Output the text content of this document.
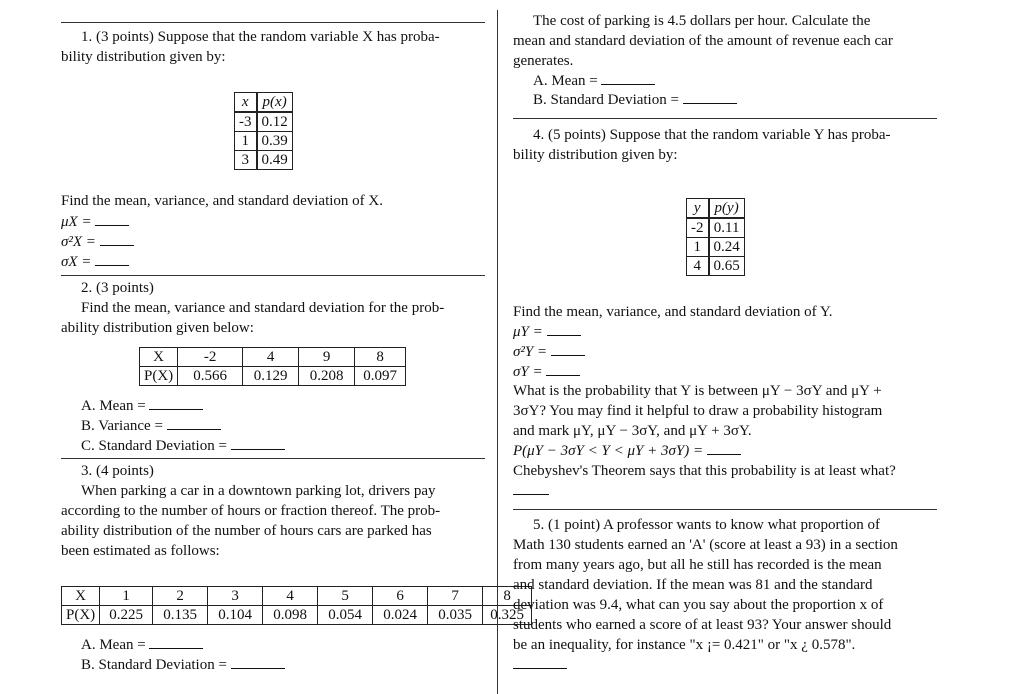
1. (3 points) Suppose that the random variable X has proba-
bility distribution given by:
x	p(x)
-3	0.12
1	0.39
3	0.49
Find the mean, variance, and standard deviation of X.
μX =
σ²X =
σX =
2. (3 points)
Find the mean, variance and standard deviation for the prob-
ability distribution given below:
X	-2	4	9	8
P(X)	0.566	0.129	0.208	0.097
A. Mean =
B. Variance =
C. Standard Deviation =
3. (4 points)
When parking a car in a downtown parking lot, drivers pay
according to the number of hours or fraction thereof. The prob-
ability distribution of the number of hours cars are parked has
been estimated as follows:
X	1	2	3	4	5	6	7	8
P(X)	0.225	0.135	0.104	0.098	0.054	0.024	0.035	0.325
A. Mean =
B. Standard Deviation =
The cost of parking is 4.5 dollars per hour. Calculate the
mean and standard deviation of the amount of revenue each car
generates.
A. Mean =
B. Standard Deviation =
4. (5 points) Suppose that the random variable Y has proba-
bility distribution given by:
y	p(y)
-2	0.11
1	0.24
4	0.65
Find the mean, variance, and standard deviation of Y.
μY =
σ²Y =
σY =
What is the probability that Y is between μY − 3σY and μY +
3σY? You may find it helpful to draw a probability histogram
and mark μY, μY − 3σY, and μY + 3σY.
P(μY − 3σY < Y < μY + 3σY) =
Chebyshev's Theorem says that this probability is at least what?
5. (1 point) A professor wants to know what proportion of
Math 130 students earned an 'A' (score at least a 93) in a section
from many years ago, but all he still has recorded is the mean
and standard deviation. If the mean was 81 and the standard
deviation was 9.4, what can you say about the proportion x of
students who earned a score of at least 93? Your answer should
be an inequality, for instance "x ¡= 0.421" or "x ¿ 0.578".
